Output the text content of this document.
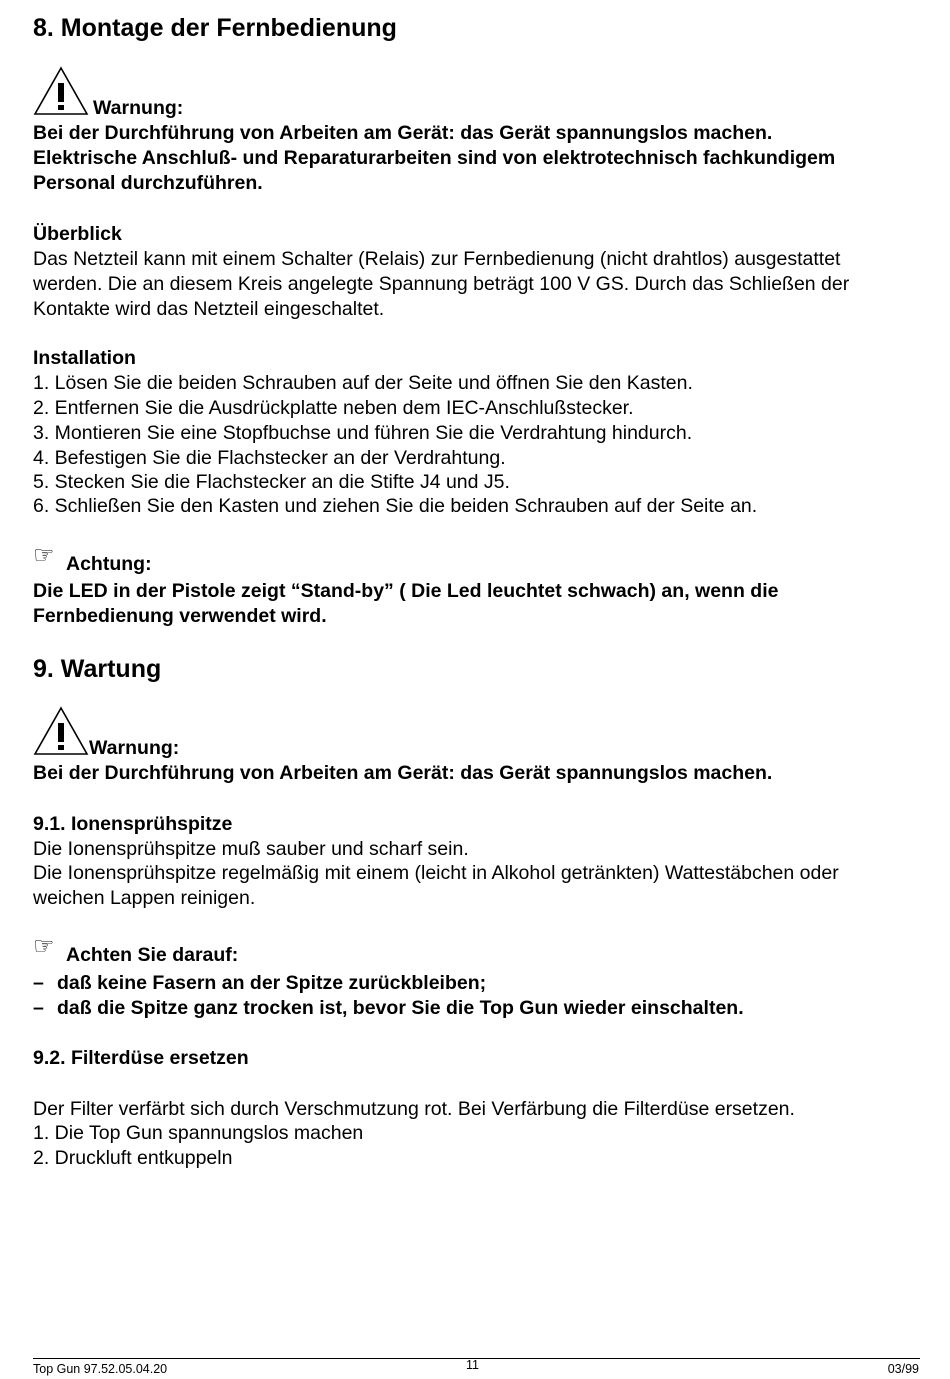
8. Montage der Fernbedienung
Warnung:
Bei der Durchführung von Arbeiten am Gerät: das Gerät spannungslos machen.
Elektrische Anschluß- und Reparaturarbeiten sind von elektrotechnisch fachkundigem
Personal durchzuführen.
Überblick
Das Netzteil kann mit einem Schalter (Relais) zur Fernbedienung (nicht drahtlos) ausgestattet
werden. Die an diesem Kreis angelegte Spannung beträgt 100 V GS. Durch das Schließen der
Kontakte wird das Netzteil eingeschaltet.
Installation
1. Lösen Sie die beiden Schrauben auf der Seite und öffnen Sie den Kasten.
2. Entfernen Sie die Ausdrückplatte neben dem IEC-Anschlußstecker.
3. Montieren Sie eine Stopfbuchse und führen Sie die Verdrahtung hindurch.
4. Befestigen Sie die Flachstecker an der Verdrahtung.
5. Stecken Sie die Flachstecker an die Stifte J4 und J5.
6. Schließen Sie den Kasten und ziehen Sie die beiden Schrauben auf der Seite an.
☞ Achtung:
Die LED in der Pistole zeigt “Stand-by” ( Die Led leuchtet schwach) an, wenn die
Fernbedienung verwendet wird.
9. Wartung
Warnung:
Bei der Durchführung von Arbeiten am Gerät: das Gerät spannungslos machen.
9.1. Ionensprühspitze
Die Ionensprühspitze muß sauber und scharf sein.
Die Ionensprühspitze regelmäßig mit einem (leicht in Alkohol getränkten) Wattestäbchen oder
weichen Lappen reinigen.
☞ Achten Sie darauf:
– daß keine Fasern an der Spitze zurückbleiben;
– daß die Spitze ganz trocken ist, bevor Sie die Top Gun wieder einschalten.
9.2. Filterdüse ersetzen
Der Filter verfärbt sich durch Verschmutzung rot. Bei Verfärbung die Filterdüse ersetzen.
1. Die Top Gun spannungslos machen
2. Druckluft entkuppeln
Top Gun 97.52.05.04.20	11	03/99
